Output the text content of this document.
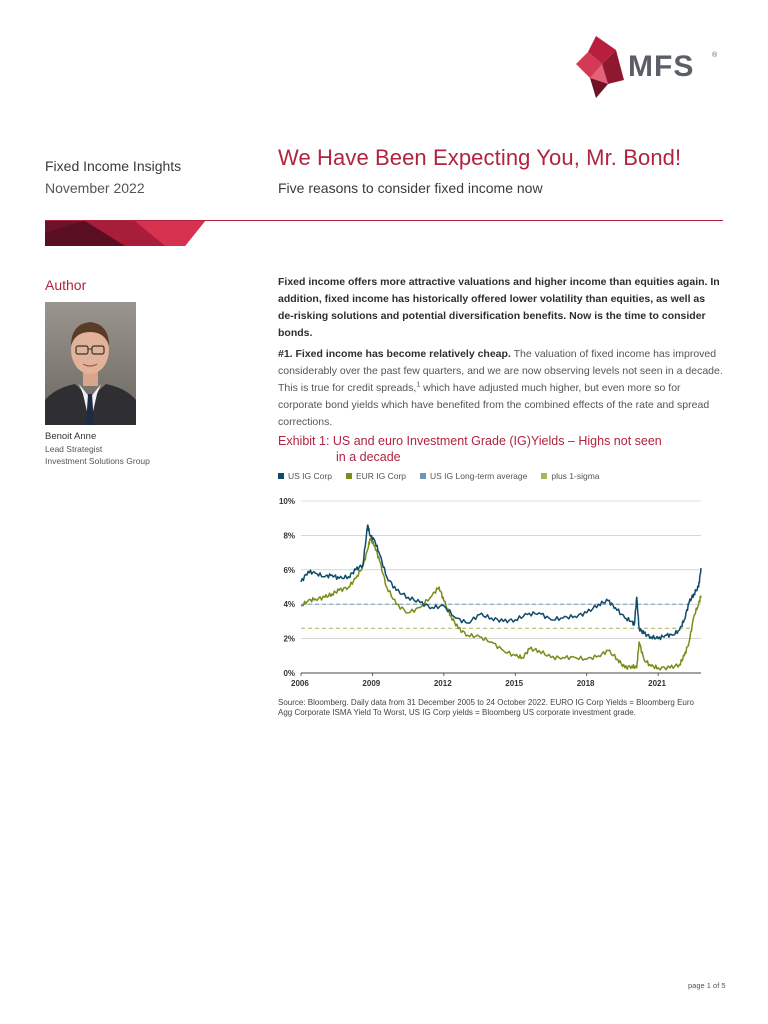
MFS	®
Fixed Income Insights
November 2022
We Have Been Expecting You, Mr. Bond!
Five reasons to consider fixed income now
Author
Benoit Anne
Lead Strategist
Investment Solutions Group
Fixed income offers more attractive valuations and higher income than equities again. In addition, fixed income has historically offered lower volatility than equities, as well as de-risking solutions and potential diversification benefits. Now is the time to consider bonds.
#1. Fixed income has become relatively cheap. The valuation of fixed income has improved considerably over the past few quarters, and we are now observing levels not seen in a decade. This is true for credit spreads,$^1$ which have adjusted much higher, but even more so for corporate bond yields which have benefited from the combined effects of the rate and spread corrections.
Exhibit 1: US and euro Investment Grade (IG)Yields – Highs not seen
in a decade
US IG Corp	EUR IG Corp	US IG Long-term average	plus 1-sigma
0%
2%
4%
6%
8%
10%
2006	2009	2012	2015	2018	2021
Source: Bloomberg. Daily data from 31 December 2005 to 24 October 2022. EURO IG Corp Yields = Bloomberg Euro Agg Corporate ISMA Yield To Worst, US IG Corp yields = Bloomberg US corporate investment grade.
page 1 of 5
